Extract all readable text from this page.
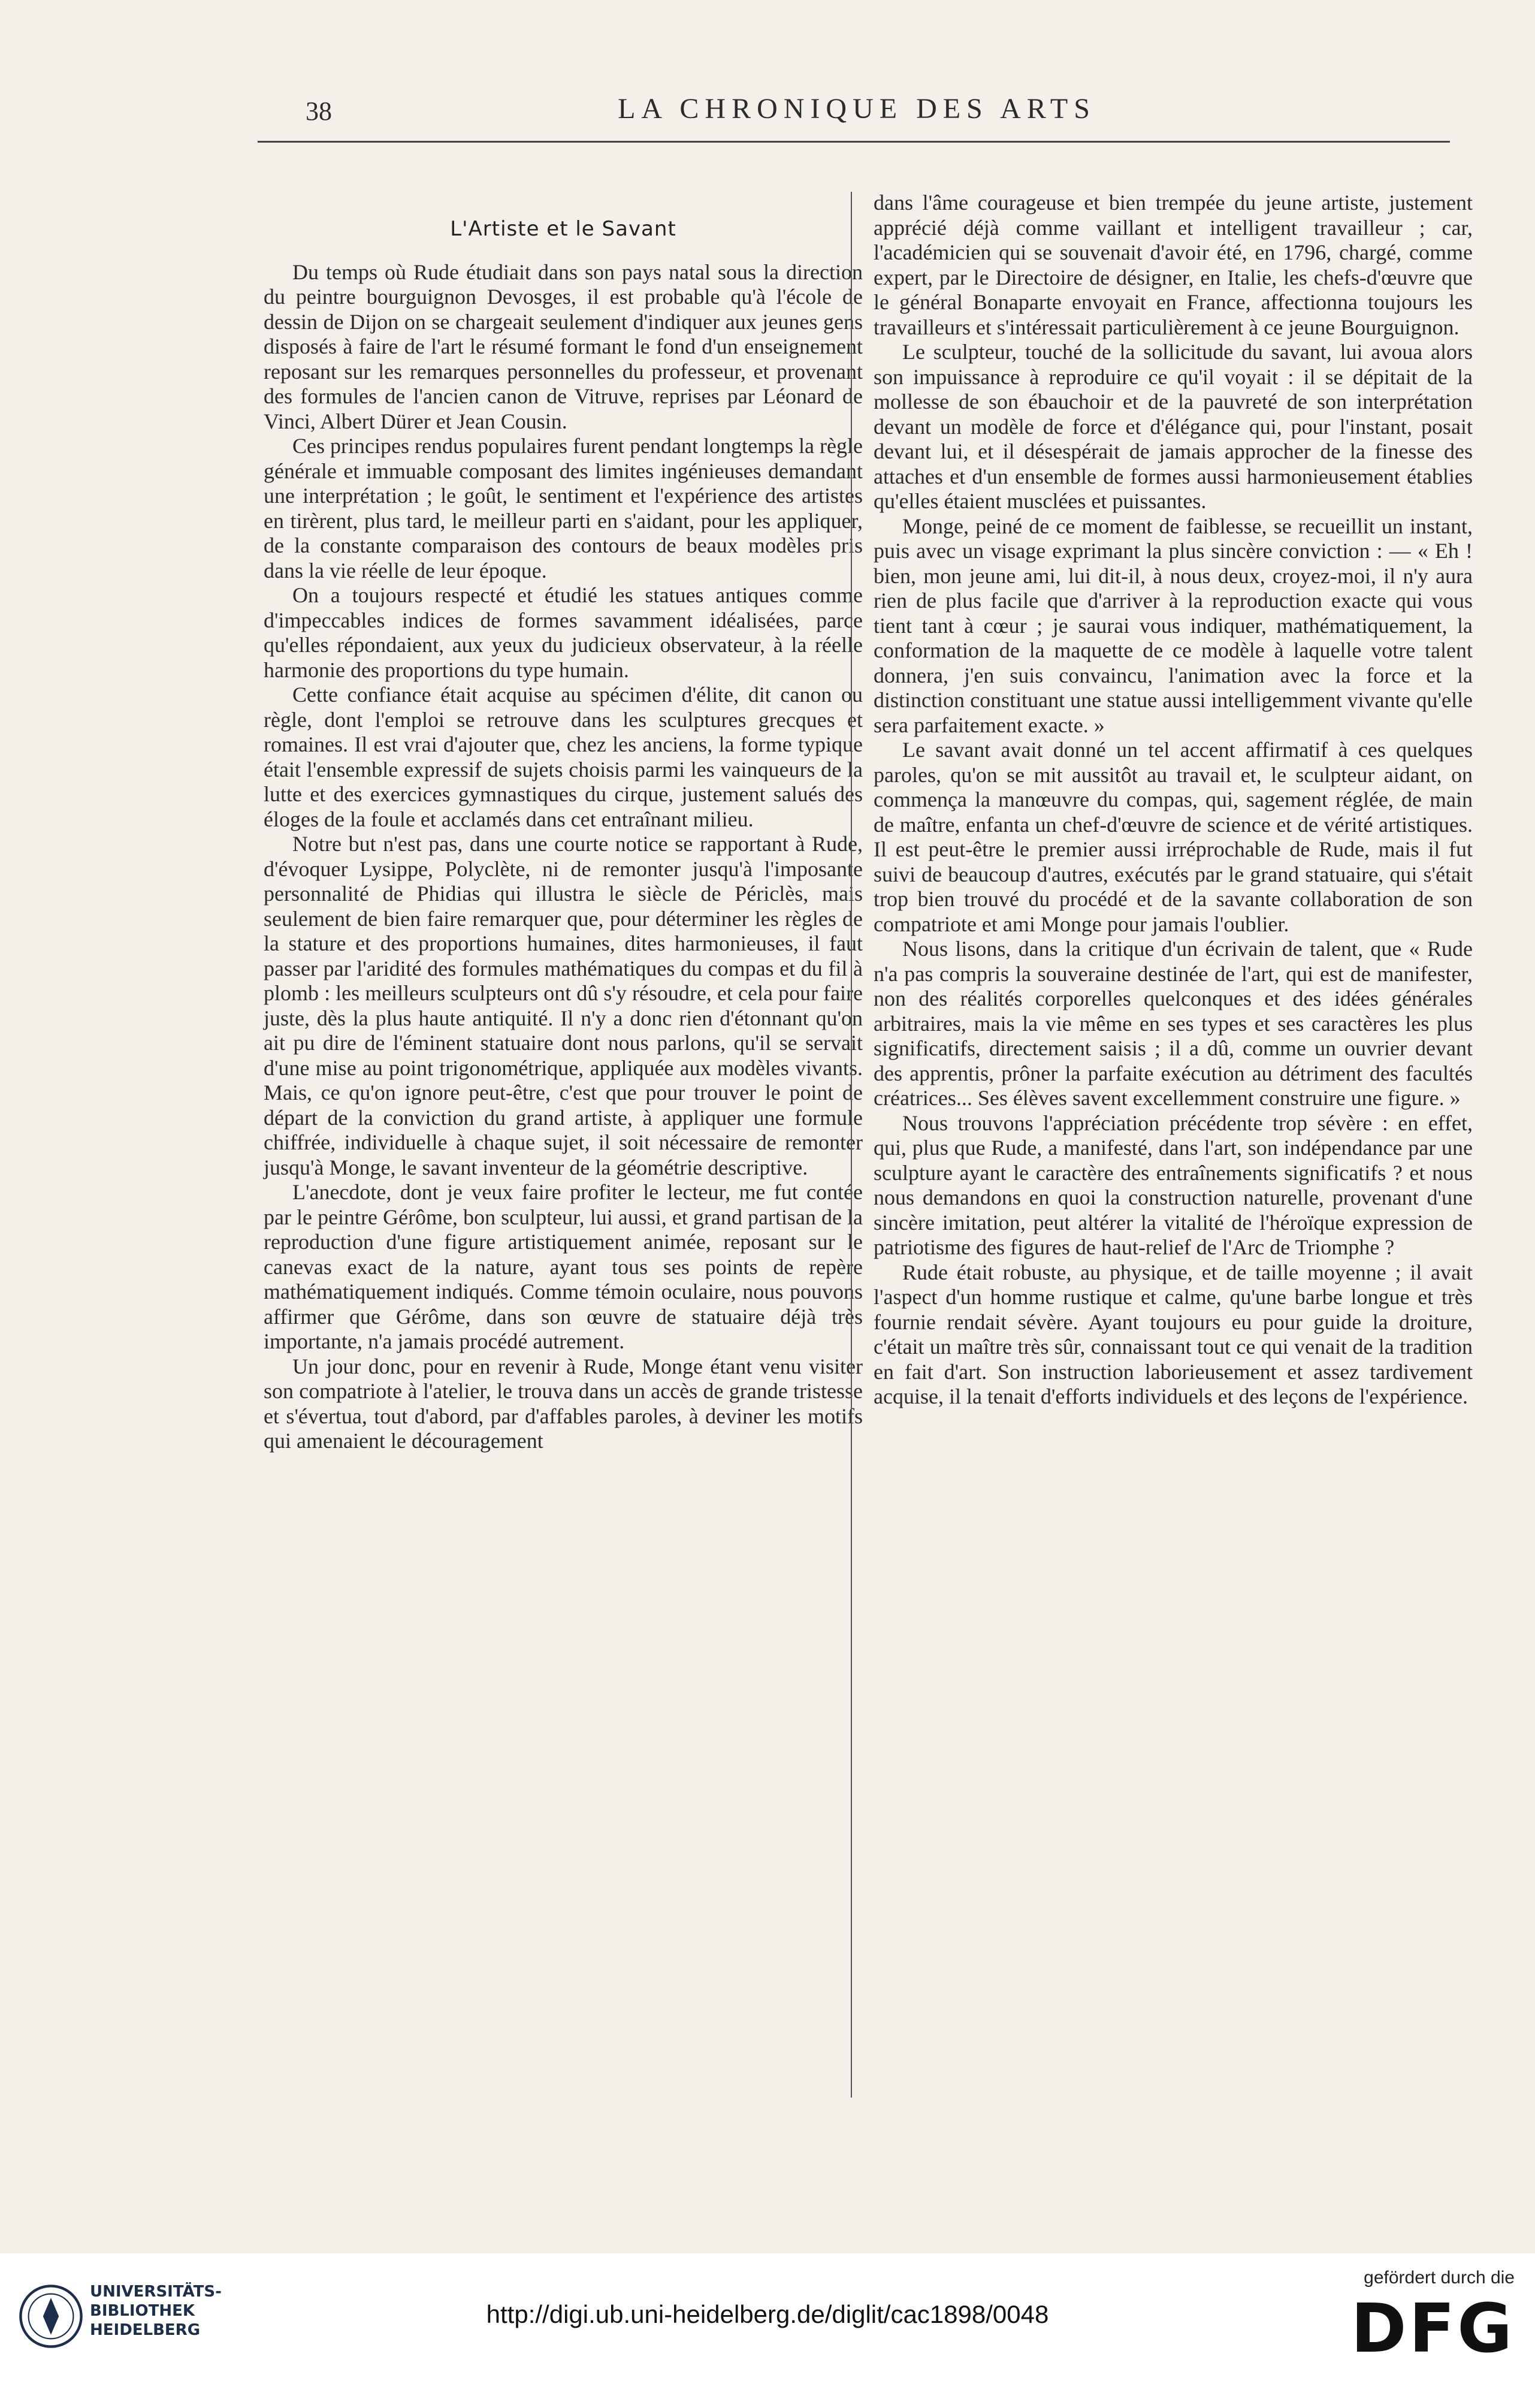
38	LA CHRONIQUE DES ARTS
L'Artiste et le Savant

Du temps où Rude étudiait dans son pays natal sous la direction du peintre bourguignon Devosges, il est probable qu'à l'école de dessin de Dijon on se chargeait seulement d'indiquer aux jeunes gens disposés à faire de l'art le résumé formant le fond d'un enseignement reposant sur les remarques personnelles du professeur, et provenant des formules de l'ancien canon de Vitruve, reprises par Léonard de Vinci, Albert Dürer et Jean Cousin.

Ces principes rendus populaires furent pendant longtemps la règle générale et immuable composant des limites ingénieuses demandant une interprétation ; le goût, le sentiment et l'expérience des artistes en tirèrent, plus tard, le meilleur parti en s'aidant, pour les appliquer, de la constante comparaison des contours de beaux modèles pris dans la vie réelle de leur époque.

On a toujours respecté et étudié les statues antiques comme d'impeccables indices de formes savamment idéalisées, parce qu'elles répondaient, aux yeux du judicieux observateur, à la réelle harmonie des proportions du type humain.

Cette confiance était acquise au spécimen d'élite, dit canon ou règle, dont l'emploi se retrouve dans les sculptures grecques et romaines. Il est vrai d'ajouter que, chez les anciens, la forme typique était l'ensemble expressif de sujets choisis parmi les vainqueurs de la lutte et des exercices gymnastiques du cirque, justement salués des éloges de la foule et acclamés dans cet entraînant milieu.

Notre but n'est pas, dans une courte notice se rapportant à Rude, d'évoquer Lysippe, Polyclète, ni de remonter jusqu'à l'imposante personnalité de Phidias qui illustra le siècle de Périclès, mais seulement de bien faire remarquer que, pour déterminer les règles de la stature et des proportions humaines, dites harmonieuses, il faut passer par l'aridité des formules mathématiques du compas et du fil à plomb : les meilleurs sculpteurs ont dû s'y résoudre, et cela pour faire juste, dès la plus haute antiquité. Il n'y a donc rien d'étonnant qu'on ait pu dire de l'éminent statuaire dont nous parlons, qu'il se servait d'une mise au point trigonométrique, appliquée aux modèles vivants. Mais, ce qu'on ignore peut-être, c'est que pour trouver le point de départ de la conviction du grand artiste, à appliquer une formule chiffrée, individuelle à chaque sujet, il soit nécessaire de remonter jusqu'à Monge, le savant inventeur de la géométrie descriptive.

L'anecdote, dont je veux faire profiter le lecteur, me fut contée par le peintre Gérôme, bon sculpteur, lui aussi, et grand partisan de la reproduction d'une figure artistiquement animée, reposant sur le canevas exact de la nature, ayant tous ses points de repère mathématiquement indiqués. Comme témoin oculaire, nous pouvons affirmer que Gérôme, dans son œuvre de statuaire déjà très importante, n'a jamais procédé autrement.

Un jour donc, pour en revenir à Rude, Monge étant venu visiter son compatriote à l'atelier, le trouva dans un accès de grande tristesse et s'évertua, tout d'abord, par d'affables paroles, à deviner les motifs qui amenaient le découragement

dans l'âme courageuse et bien trempée du jeune artiste, justement apprécié déjà comme vaillant et intelligent travailleur ; car, l'académicien qui se souvenait d'avoir été, en 1796, chargé, comme expert, par le Directoire de désigner, en Italie, les chefs-d'œuvre que le général Bonaparte envoyait en France, affectionna toujours les travailleurs et s'intéressait particulièrement à ce jeune Bourguignon.

Le sculpteur, touché de la sollicitude du savant, lui avoua alors son impuissance à reproduire ce qu'il voyait : il se dépitait de la mollesse de son ébauchoir et de la pauvreté de son interprétation devant un modèle de force et d'élégance qui, pour l'instant, posait devant lui, et il désespérait de jamais approcher de la finesse des attaches et d'un ensemble de formes aussi harmonieusement établies qu'elles étaient musclées et puissantes.

Monge, peiné de ce moment de faiblesse, se recueillit un instant, puis avec un visage exprimant la plus sincère conviction : — « Eh ! bien, mon jeune ami, lui dit-il, à nous deux, croyez-moi, il n'y aura rien de plus facile que d'arriver à la reproduction exacte qui vous tient tant à cœur ; je saurai vous indiquer, mathématiquement, la conformation de la maquette de ce modèle à laquelle votre talent donnera, j'en suis convaincu, l'animation avec la force et la distinction constituant une statue aussi intelligemment vivante qu'elle sera parfaitement exacte. »

Le savant avait donné un tel accent affirmatif à ces quelques paroles, qu'on se mit aussitôt au travail et, le sculpteur aidant, on commença la manœuvre du compas, qui, sagement réglée, de main de maître, enfanta un chef-d'œuvre de science et de vérité artistiques. Il est peut-être le premier aussi irréprochable de Rude, mais il fut suivi de beaucoup d'autres, exécutés par le grand statuaire, qui s'était trop bien trouvé du procédé et de la savante collaboration de son compatriote et ami Monge pour jamais l'oublier.

Nous lisons, dans la critique d'un écrivain de talent, que « Rude n'a pas compris la souveraine destinée de l'art, qui est de manifester, non des réalités corporelles quelconques et des idées générales arbitraires, mais la vie même en ses types et ses caractères les plus significatifs, directement saisis ; il a dû, comme un ouvrier devant des apprentis, prôner la parfaite exécution au détriment des facultés créatrices... Ses élèves savent excellemment construire une figure. »

Nous trouvons l'appréciation précédente trop sévère : en effet, qui, plus que Rude, a manifesté, dans l'art, son indépendance par une sculpture ayant le caractère des entraînements significatifs ? et nous nous demandons en quoi la construction naturelle, provenant d'une sincère imitation, peut altérer la vitalité de l'héroïque expression de patriotisme des figures de haut-relief de l'Arc de Triomphe ?

Rude était robuste, au physique, et de taille moyenne ; il avait l'aspect d'un homme rustique et calme, qu'une barbe longue et très fournie rendait sévère. Ayant toujours eu pour guide la droiture, c'était un maître très sûr, connaissant tout ce qui venait de la tradition en fait d'art. Son instruction laborieusement et assez tardivement acquise, il la tenait d'efforts individuels et des leçons de l'expérience.

UNIVERSITÄTS-
BIBLIOTHEK
HEIDELBERG
http://digi.ub.uni-heidelberg.de/diglit/cac1898/0048
gefördert durch die
DFG
